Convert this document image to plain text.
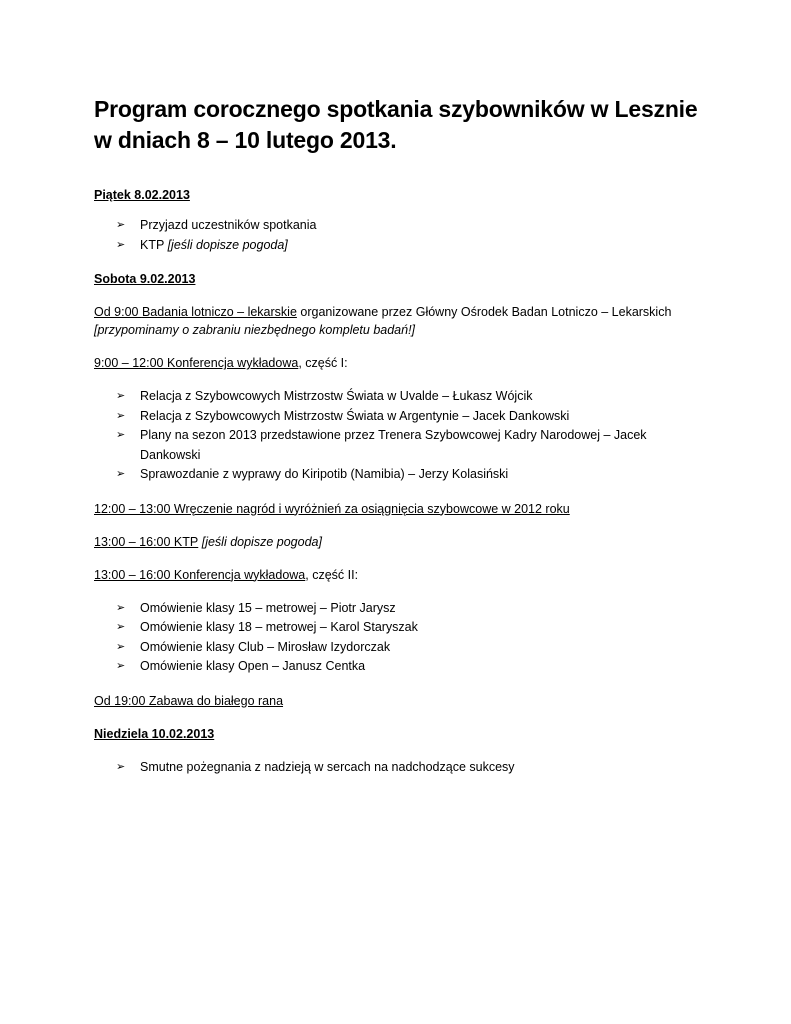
Program corocznego spotkania szybowników w Lesznie
w dniach 8 – 10 lutego 2013.

Piątek 8.02.2013

➢ Przyjazd uczestników spotkania
➢ KTP [jeśli dopisze pogoda]

Sobota 9.02.2013

Od 9:00 Badania lotniczo – lekarskie organizowane przez Główny Ośrodek Badan Lotniczo – Lekarskich
[przypominamy o zabraniu niezbędnego kompletu badań!]

9:00 – 12:00 Konferencja wykładowa, część I:

➢ Relacja z Szybowcowych Mistrzostw Świata w Uvalde – Łukasz Wójcik
➢ Relacja z Szybowcowych Mistrzostw Świata w Argentynie – Jacek Dankowski
➢ Plany na sezon 2013 przedstawione przez Trenera Szybowcowej Kadry Narodowej – Jacek
Dankowski
➢ Sprawozdanie z wyprawy do Kiripotib (Namibia) – Jerzy Kolasiński

12:00 – 13:00 Wręczenie nagród i wyróżnień za osiągnięcia szybowcowe w 2012 roku

13:00 – 16:00 KTP [jeśli dopisze pogoda]

13:00 – 16:00 Konferencja wykładowa, część II:

➢ Omówienie klasy 15 – metrowej – Piotr Jarysz
➢ Omówienie klasy 18 – metrowej – Karol Staryszak
➢ Omówienie klasy Club – Mirosław Izydorczak
➢ Omówienie klasy Open – Janusz Centka

Od 19:00 Zabawa do białego rana

Niedziela 10.02.2013

➢ Smutne pożegnania z nadzieją w sercach na nadchodzące sukcesy
